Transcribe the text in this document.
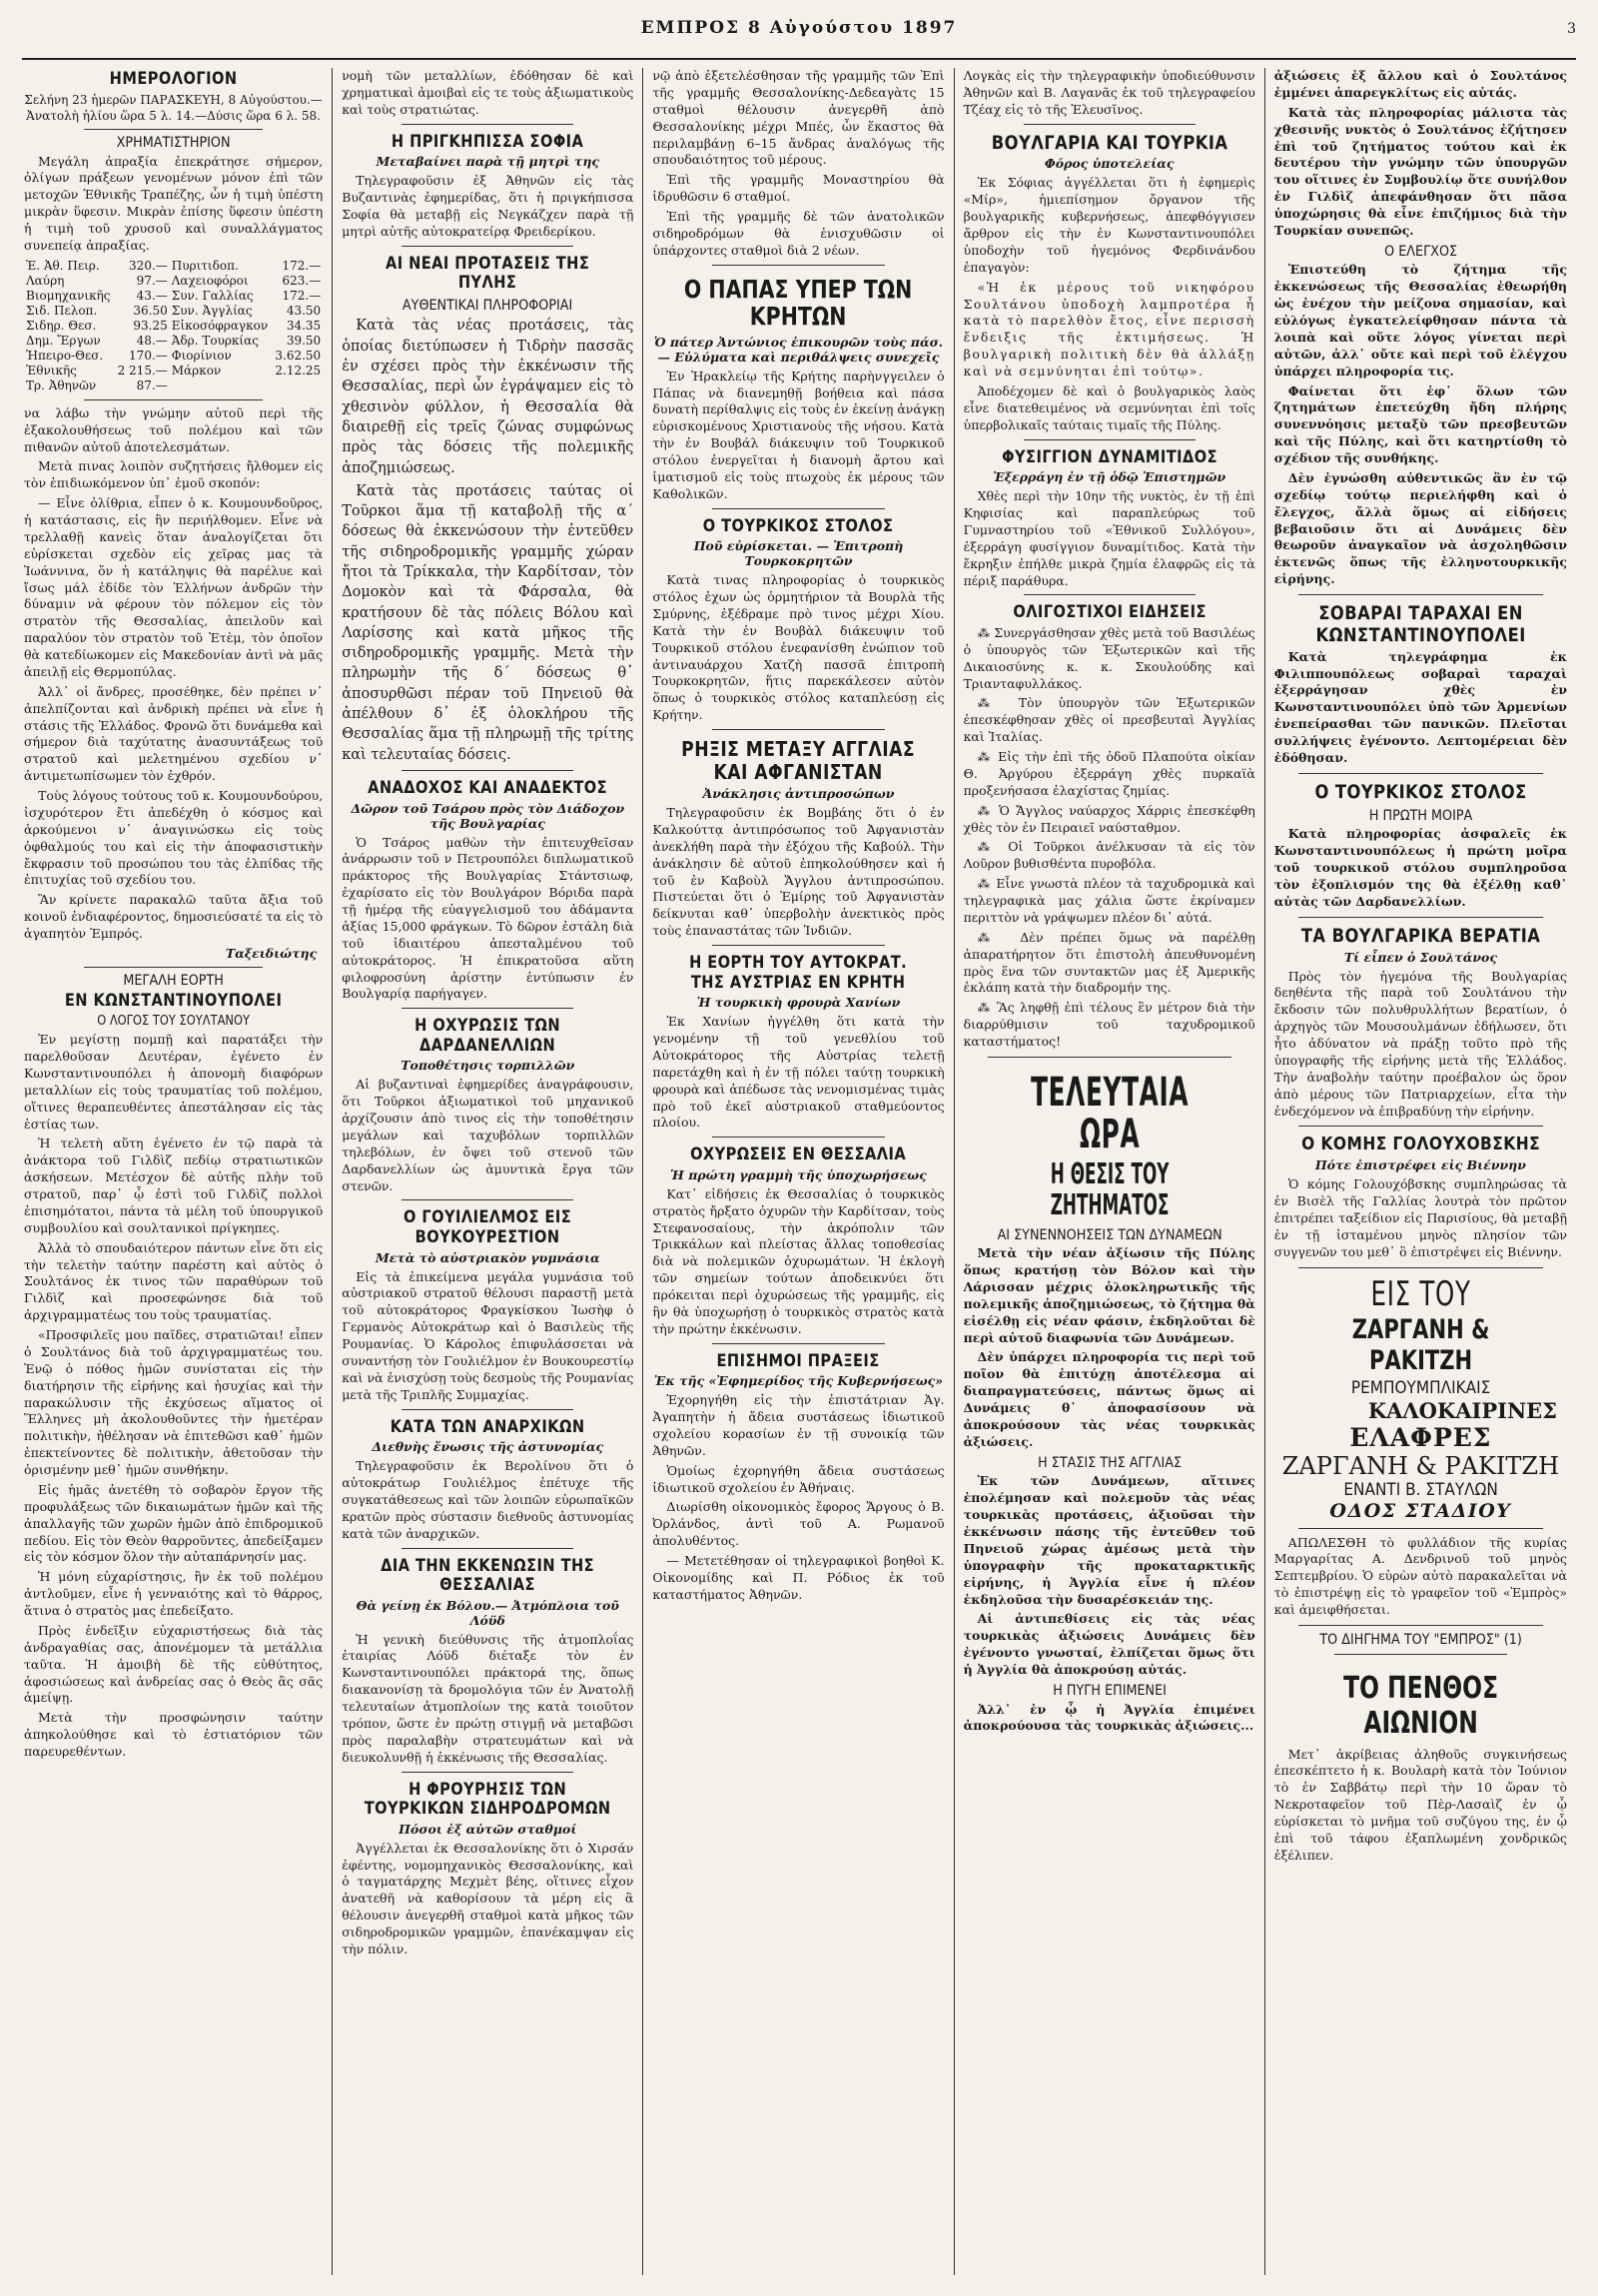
ΕΜΠΡΟΣ 8 Αὐγούστου 1897	3
ΗΜΕΡΟΛΟΓΙΟΝ
Σελήνη 23 ἡμερῶν ΠΑΡΑΣΚΕΥΗ, 8 Αὐγούστου.—Ἀνατολὴ ἡλίου ὥρα 5 λ. 14.—Δύσις ὥρα 6 λ. 58.
ΧΡΗΜΑΤΙΣΤΗΡΙΟΝ

Μεγάλη ἀπραξία ἐπεκράτησε σήμερον, ὀλίγων πράξεων γενομένων μόνον ἐπὶ τῶν μετοχῶν Ἐθνικῆς Τραπέζης, ὧν ἡ τιμὴ ὑπέστη μικρὰν ὕφεσιν. Μικρὰν ἐπίσης ὕφεσιν ὑπέστη ἡ τιμὴ τοῦ χρυσοῦ καὶ συναλλάγματος συνεπείᾳ ἀπραξίας.

Ἐ. Ἀθ. Πειρ.	320.—	Πυριτιδοπ.	172.—
Λαύρη	97.—	Λαχειοφόροι	623.—
Βιομηχανικῆς	43.—	Συν. Γαλλίας	172.—
Σιδ. Πελοπ.	36.50	Συν. Ἀγγλίας	43.50
Σιδηρ. Θεσ.	93.25	Εἰκοσόφραγκον	34.35
Δημ. Ἔργων	48.—	Ἀδρ. Τουρκίας	39.50
Ἠπειρο-Θεσ.	170.—	Φιορίνιον	3.62.50
Ἐθνικῆς	2 215.—	Μάρκον	2.12.25
Τρ. Ἀθηνῶν	87.—		

να λάβω τὴν γνώμην αὐτοῦ περὶ τῆς ἐξακολουθήσεως τοῦ πολέμου καὶ τῶν πιθανῶν αὐτοῦ ἀποτελεσμάτων.

Μετὰ πινας λοιπὸν συζητήσεις ἤλθομεν εἰς τὸν ἐπιδιωκόμενον ὑπ᾽ ἐμοῦ σκοπόν:

— Εἶνε ὀλίθρια, εἶπεν ὁ κ. Κουμουνδοῦρος, ἡ κατάστασις, εἰς ἣν περιήλθομεν. Εἶνε νὰ τρελλαθῇ κανεὶς ὅταν ἀναλογίζεται ὅτι εὑρίσκεται σχεδὸν εἰς χεῖρας μας τὰ Ἰωάννινα, ὅν ἡ κατάληψις θὰ παρέλυε καὶ ἴσως μάλ ἐδίδε τὸν Ἐλλήνων ἀνδρῶν τὴν δύναμιν νὰ φέρουν τὸν πόλεμον εἰς τὸν στρατὸν τῆς Θεσσαλίας, ἀπειλοῦν καὶ παραλύον τὸν στρατὸν τοῦ Ἐτὲμ, τὸν ὁποῖον θὰ κατεδίωκομεν εἰς Μακεδονίαν ἀντὶ νὰ μᾶς ἀπειλῇ εἰς Θερμοπύλας.

Ἀλλ᾽ οἱ ἄνδρες, προσέθηκε, δὲν πρέπει ν᾽ ἀπελπίζονται καὶ ἀνδρικὴ πρέπει νὰ εἶνε ἡ στάσις τῆς Ἑλλάδος. Φρονῶ ὅτι δυνάμεθα καὶ σήμερον διὰ ταχύτατης ἀνασυντάξεως τοῦ στρατοῦ καὶ μελετημένου σχεδίου ν᾽ ἀντιμετωπίσωμεν τὸν ἐχθρόν.

Τοὺς λόγους τούτους τοῦ κ. Κουμουνδούρου, ἰσχυρότερον ἔτι ἀπεδέχθη ὁ κόσμος καὶ ἀρκούμενοι ν᾽ ἀναγινώσκω εἰς τοὺς ὀφθαλμούς του καὶ εἰς τὴν ἀποφασιστικὴν ἔκφρασιν τοῦ προσώπου του τὰς ἐλπίδας τῆς ἐπιτυχίας τοῦ σχεδίου του.

Ἂν κρίνετε παρακαλῶ ταῦτα ἄξια τοῦ κοινοῦ ἐνδιαφέροντος, δημοσιεύσατέ τα εἰς τὸ ἀγαπητὸν Ἐμπρός.

Ταξειδιώτης
ΜΕΓΑΛΗ ΕΟΡΤΗ
ΕΝ ΚΩΝΣΤΑΝΤΙΝΟΥΠΟΛΕΙ
Ο ΛΟΓΟΣ ΤΟΥ ΣΟΥΛΤΑΝΟΥ

Ἐν μεγίστῃ πομπῇ καὶ παρατάξει τὴν παρελθοῦσαν Δευτέραν, ἐγένετο ἐν Κωνσταντινουπόλει ἡ ἀπονομὴ διαφόρων μεταλλίων εἰς τοὺς τραυματίας τοῦ πολέμου, οἵτινες θεραπευθέντες ἀπεστάλησαν εἰς τὰς ἑστίας των.

Ἡ τελετὴ αὕτη ἐγένετο ἐν τῷ παρὰ τὰ ἀνάκτορα τοῦ Γιλδὶζ πεδίῳ στρατιωτικῶν ἀσκήσεων. Μετέσχον δὲ αὐτῆς πλὴν τοῦ στρατοῦ, παρ᾽ ᾧ ἐστὶ τοῦ Γιλδὶζ πολλοὶ ἐπισημότατοι, πάντα τὰ μέλη τοῦ ὑπουργικοῦ συμβουλίου καὶ σουλτανικοὶ πρίγκηπες.

Ἀλλὰ τὸ σπουδαιότερον πάντων εἶνε ὅτι εἰς τὴν τελετὴν ταύτην παρέστη καὶ αὐτὸς ὁ Σουλτάνος ἐκ τινος τῶν παραθύρων τοῦ Γιλδὶζ καὶ προσεφώνησε διὰ τοῦ ἀρχιγραμματέως του τοὺς τραυματίας.

«Προσφιλεῖς μου παῖδες, στρατιῶται! εἶπεν ὁ Σουλτάνος διὰ τοῦ ἀρχιγραμματέως του. Ἐνῷ ὁ πόθος ἡμῶν συνίσταται εἰς τὴν διατήρησιν τῆς εἰρήνης καὶ ἡσυχίας καὶ τὴν παρακώλυσιν τῆς ἐκχύσεως αἵματος οἱ Ἕλληνες μὴ ἀκολουθοῦντες τὴν ἡμετέραν πολιτικὴν, ἠθέλησαν νὰ ἐπιτεθῶσι καθ᾽ ἡμῶν ἐπεκτείνοντες δὲ πολιτικὴν, ἀθετοῦσαν τὴν ὀρισμένην μεθ᾽ ἡμῶν συνθήκην.

Εἰς ἡμᾶς ἀνετέθη τὸ σοβαρὸν ἔργον τῆς προφυλάξεως τῶν δικαιωμάτων ἡμῶν καὶ τῆς ἀπαλλαγῆς τῶν χωρῶν ἡμῶν ἀπὸ ἐπιδρομικοῦ πεδίου. Εἰς τὸν Θεὸν θαρροῦντες, ἀπεδείξαμεν εἰς τὸν κόσμον ὅλον τὴν αὐταπάρνησίν μας.

Ἡ μόνη εὐχαρίστησις, ἣν ἐκ τοῦ πολέμου ἀντλοῦμεν, εἶνε ἡ γενναιότης καὶ τὸ θάρρος, ἅτινα ὁ στρατὸς μας ἐπεδείξατο.

Πρὸς ἐνδεῖξιν εὐχαριστήσεως διὰ τὰς ἀνδραγαθίας σας, ἀπονέμομεν τὰ μετάλλια ταῦτα. Ἡ ἀμοιβὴ δὲ τῆς εὐθύτητος, ἀφοσιώσεως καὶ ἀνδρείας σας ὁ Θεὸς ἂς σᾶς ἀμείψῃ.

Μετὰ τὴν προσφώνησιν ταύτην ἀπηκολούθησε καὶ τὸ ἑστιατόριον τῶν παρευρεθέντων.

νομὴ τῶν μεταλλίων, ἐδόθησαν δὲ καὶ χρηματικαὶ ἀμοιβαὶ εἰς τε τοὺς ἀξιωματικοὺς καὶ τοὺς στρατιώτας.

Η ΠΡΙΓΚΗΠΙΣΣΑ ΣΟΦΙΑ
Μεταβαίνει παρὰ τῇ μητρὶ της

Τηλεγραφοῦσιν ἐξ Ἀθηνῶν εἰς τὰς Βυζαντινὰς ἐφημερίδας, ὅτι ἡ πριγκήπισσα Σοφία θὰ μεταβῇ εἰς Νεγκάζχεν παρὰ τῇ μητρὶ αὐτῆς αὐτοκρατείρᾳ Φρειδερίκου.

ΑΙ ΝΕΑΙ ΠΡΟΤΑΣΕΙΣ ΤΗΣ ΠΥΛΗΣ
ΑΥΘΕΝΤΙΚΑΙ ΠΛΗΡΟΦΟΡΙΑΙ

Κατὰ τὰς νέας προτάσεις, τὰς ὁποίας διετύπωσεν ἡ Τιδρὴν πασσᾶς ἐν σχέσει πρὸς τὴν ἐκκένωσιν τῆς Θεσσαλίας, περὶ ὧν ἐγράψαμεν εἰς τὸ χθεσινὸν φύλλον, ἡ Θεσσαλία θὰ διαιρεθῇ εἰς τρεῖς ζώνας συμφώνως πρὸς τὰς δόσεις τῆς πολεμικῆς ἀποζημιώσεως.

Κατὰ τὰς προτάσεις ταύτας οἱ Τοῦρκοι ἅμα τῇ καταβολῇ τῆς α΄ δόσεως θὰ ἐκκενώσουν τὴν ἐντεῦθεν τῆς σιδηροδρομικῆς γραμμῆς χώραν ἤτοι τὰ Τρίκκαλα, τὴν Καρδίτσαν, τὸν Δομοκὸν καὶ τὰ Φάρσαλα, θὰ κρατήσουν δὲ τὰς πόλεις Βόλου καὶ Λαρίσσης καὶ κατὰ μῆκος τῆς σιδηροδρομικῆς γραμμῆς. Μετὰ τὴν πληρωμὴν τῆς δ΄ δόσεως θ᾽ ἀποσυρθῶσι πέραν τοῦ Πηνειοῦ θὰ ἀπέλθουν δ᾽ ἐξ ὁλοκλήρου τῆς Θεσσαλίας ἅμα τῇ πληρωμῇ τῆς τρίτης καὶ τελευταίας δόσεις.

ΑΝΑΔΟΧΟΣ ΚΑΙ ΑΝΑΔΕΚΤΟΣ
Δῶρον τοῦ Τσάρου πρὸς τὸν Διάδοχον τῆς Βουλγαρίας

Ὁ Τσάρος μαθὼν τὴν ἐπιτευχθεῖσαν ἀνάρρωσιν τοῦ ν Πετρουπόλει διπλωματικοῦ πράκτορος τῆς Βουλγαρίας Στάντσιωφ, ἐχαρίσατο εἰς τὸν Βουλγάρον Βόριδα παρὰ τῇ ἡμέρᾳ τῆς εὐαγγελισμοῦ του ἀδάμαντα ἀξίας 15,000 φράγκων. Τὸ δῶρον ἐστάλη διὰ τοῦ ἰδιαιτέρου ἀπεσταλμένου τοῦ αὐτοκράτορος. Ἡ ἐπικρατοῦσα αὕτη φιλοφροσύνη ἀρίστην ἐντύπωσιν ἐν Βουλγαρίᾳ παρήγαγεν.

Η ΟΧΥΡΩΣΙΣ ΤΩΝ ΔΑΡΔΑΝΕΛΛΙΩΝ
Τοποθέτησις τορπιλλῶν

Αἱ βυζαντιναὶ ἐφημερίδες ἀναγράφουσιν, ὅτι Τοῦρκοι ἀξιωματικοὶ τοῦ μηχανικοῦ ἀρχίζουσιν ἀπὸ τινος εἰς τὴν τοποθέτησιν μεγάλων καὶ ταχυβόλων τορπιλλῶν τηλεβόλων, ἐν ὄψει τοῦ στενοῦ τῶν Δαρδανελλίων ὡς ἀμυντικὰ ἔργα τῶν στενῶν.

Ο ΓΟΥΙΛΙΕΛΜΟΣ ΕΙΣ ΒΟΥΚΟΥΡΕΣΤΙΟΝ
Μετὰ τὸ αὐστριακὸν γυμνάσια

Εἰς τὰ ἐπικείμενα μεγάλα γυμνάσια τοῦ αὐστριακοῦ στρατοῦ θέλουσι παραστῇ μετὰ τοῦ αὐτοκράτορος Φραγκίσκου Ἰωσὴφ ὁ Γερμανὸς Αὐτοκράτωρ καὶ ὁ Βασιλεὺς τῆς Ρουμανίας. Ὁ Κάρολος ἐπιφυλάσσεται νὰ συναντήσῃ τὸν Γουλιέλμον ἐν Βουκουρεστίῳ καὶ νὰ ἐνισχύσῃ τοὺς δεσμοὺς τῆς Ρουμανίας μετὰ τῆς Τριπλῆς Συμμαχίας.

ΚΑΤΑ ΤΩΝ ΑΝΑΡΧΙΚΩΝ
Διεθνὴς ἔνωσις τῆς ἀστυνομίας

Τηλεγραφοῦσιν ἐκ Βερολίνου ὅτι ὁ αὐτοκράτωρ Γουλιέλμος ἐπέτυχε τῆς συγκατάθεσεως καὶ τῶν λοιπῶν εὐρωπαϊκῶν κρατῶν πρὸς σύστασιν διεθνοῦς ἀστυνομίας κατὰ τῶν ἀναρχικῶν.

ΔΙΑ ΤΗΝ ΕΚΚΕΝΩΣΙΝ ΤΗΣ ΘΕΣΣΑΛΙΑΣ
Θὰ γείνῃ ἐκ Βόλου.— Ἀτμόπλοια τοῦ Λόϋδ

Ἡ γενικὴ διεύθυνσις τῆς ἀτμοπλοΐας ἑταιρίας Λόϋδ διέταξε τὸν ἐν Κωνσταντινουπόλει πράκτορά της, ὅπως διακανονίσῃ τὰ δρομολόγια τῶν ἐν Ἀνατολῇ τελευταίων ἀτμοπλοίων της κατὰ τοιοῦτον τρόπον, ὥστε ἐν πρώτῃ στιγμῇ νὰ μεταβῶσι πρὸς παραλαβὴν στρατευμάτων καὶ νὰ διευκολυνθῇ ἡ ἐκκένωσις τῆς Θεσσαλίας.

Η ΦΡΟΥΡΗΣΙΣ ΤΩΝ ΤΟΥΡΚΙΚΩΝ ΣΙΔΗΡΟΔΡΟΜΩΝ
Πόσοι ἐξ αὐτῶν σταθμοί

Ἀγγέλλεται ἐκ Θεσσαλονίκης ὅτι ὁ Χιρσάν ἐφέντης, νομομηχανικὸς Θεσσαλονίκης, καὶ ὁ ταγματάρχης Μεχμὲτ βέης, οἵτινες εἶχον ἀνατεθῆ νὰ καθορίσουν τὰ μέρη εἰς ἃ θέλουσιν ἀνεγερθῆ σταθμοὶ κατὰ μῆκος τῶν σιδηροδρομικῶν γραμμῶν, ἐπανέκαμψαν εἰς τὴν πόλιν.

νῷ ἀπὸ ἐξετελέσθησαν τῆς γραμμῆς τῶν Ἐπὶ τῆς γραμμῆς Θεσσαλονίκης-Δεδεαγὰτς 15 σταθμοὶ θέλουσιν ἀνεγερθῆ ἀπὸ Θεσσαλονίκης μέχρι Μπές, ὧν ἕκαστος θὰ περιλαμβάνῃ 6–15 ἄνδρας ἀναλόγως τῆς σπουδαιότητος τοῦ μέρους.

Ἐπὶ τῆς γραμμῆς Μοναστηρίου θὰ ἱδρυθῶσιν 6 σταθμοί.

Ἐπὶ τῆς γραμμῆς δὲ τῶν ἀνατολικῶν σιδηροδρόμων θὰ ἐνισχυθῶσιν οἱ ὑπάρχοντες σταθμοὶ διὰ 2 νέων.

Ο ΠΑΠΑΣ ΥΠΕΡ ΤΩΝ ΚΡΗΤΩΝ
Ὁ πάτερ Ἀντώνιος ἐπικουρῶν τοὺς πάσ.— Εὐλύματα καὶ περιθάλψεις συνεχεῖς

Ἐν Ἡρακλείῳ τῆς Κρήτης παρὴνγγειλεν ὁ Πάπας νὰ διανεμηθῇ βοήθεια καὶ πάσα δυνατὴ περίθαλψις εἰς τοὺς ἐν ἐκείνῃ ἀνάγκῃ εὑρισκομένους Χριστιανοὺς τῆς νήσου. Κατὰ τὴν ἐν Βουβάλ διάκευψιν τοῦ Τουρκικοῦ στόλου ἐνεργεῖται ἡ διανομὴ ἄρτου καὶ ἱματισμοῦ εἰς τοὺς πτωχοὺς ἐκ μέρους τῶν Καθολικῶν.

Ο ΤΟΥΡΚΙΚΟΣ ΣΤΟΛΟΣ
Ποῦ εὑρίσκεται. — Ἐπιτροπὴ Τουρκοκρητῶν

Κατὰ τινας πληροφορίας ὁ τουρκικὸς στόλος ἐχων ὡς ὁρμητήριον τὰ Βουρλὰ τῆς Σμύρνης, ἐξέδραμε πρὸ τινος μέχρι Χίου. Κατὰ τὴν ἐν Βουβὰλ διάκευψιν τοῦ Τουρκικοῦ στόλου ἐνεφανίσθη ἐνώπιον τοῦ ἀντιναυάρχου Χατζὴ πασσᾶ ἐπιτροπὴ Τουρκοκρητῶν, ἥτις παρεκάλεσεν αὐτὸν ὅπως ὁ τουρκικὸς στόλος καταπλεύσῃ εἰς Κρήτην.

ΡΗΞΙΣ ΜΕΤΑΞΥ ΑΓΓΛΙΑΣ ΚΑΙ ΑΦΓΑΝΙΣΤΑΝ
Ἀνάκλησις ἀντιπροσώπων

Τηλεγραφοῦσιν ἐκ Βομβάης ὅτι ὁ ἐν Καλκούττᾳ ἀντιπρόσωπος τοῦ Ἀφγανιστὰν ἀνεκλήθη παρὰ τὴν ἐξόχου τῆς Καβούλ. Τὴν ἀνάκλησιν δὲ αὐτοῦ ἐπηκολούθησεν καὶ ἡ τοῦ ἐν Καβοὺλ Ἄγγλου ἀντιπροσώπου. Πιστεύεται ὅτι ὁ Ἐμίρης τοῦ Ἀφγανιστὰν δείκνυται καθ᾽ ὑπερβολὴν ἀνεκτικὸς πρὸς τοὺς ἐπαναστάτας τῶν Ἰνδιῶν.

Η ΕΟΡΤΗ ΤΟΥ ΑΥΤΟΚΡΑΤ. ΤΗΣ ΑΥΣΤΡΙΑΣ ΕΝ ΚΡΗΤΗ
Ἡ τουρκικὴ φρουρὰ Χανίων

Ἐκ Χανίων ἠγγέλθη ὅτι κατὰ τὴν γενομένην τῇ τοῦ γενεθλίου τοῦ Αὐτοκράτορος τῆς Αὐστρίας τελετῇ παρετάχθη καὶ ἡ ἐν τῇ πόλει ταύτῃ τουρκικὴ φρουρὰ καὶ ἀπέδωσε τὰς νενομισμένας τιμὰς πρὸ τοῦ ἐκεῖ αὐστριακοῦ σταθμεύοντος πλοίου.

ΟΧΥΡΩΣΕΙΣ ΕΝ ΘΕΣΣΑΛΙΑ
Ἡ πρώτη γραμμὴ τῆς ὑποχωρήσεως

Κατ᾽ εἰδήσεις ἐκ Θεσσαλίας ὁ τουρκικὸς στρατὸς ἤρξατο ὀχυρῶν τὴν Καρδίτσαν, τοὺς Στεφανοσαίους, τὴν ἀκρόπολιν τῶν Τρικκάλων καὶ πλείστας ἄλλας τοποθεσίας διὰ νὰ πολεμικῶν ὀχυρωμάτων. Ἡ ἐκλογὴ τῶν σημείων τούτων ἀποδεικνύει ὅτι πρόκειται περὶ ὀχυρώσεως τῆς γραμμῆς, εἰς ἣν θὰ ὑποχωρήσῃ ὁ τουρκικὸς στρατὸς κατὰ τὴν πρώτην ἐκκένωσιν.

ΕΠΙΣΗΜΟΙ ΠΡΑΞΕΙΣ
Ἐκ τῆς «Ἐφημερίδος τῆς Κυβερνήσεως»

Ἐχορηγήθη εἰς τὴν ἐπιστάτριαν Ἀγ. Ἀγαπητὴν ἡ ἄδεια συστάσεως ἰδιωτικοῦ σχολείου κορασίων ἐν τῇ συνοικίᾳ τῶν Ἀθηνῶν.

Ὁμοίως ἐχορηγήθη ἄδεια συστάσεως ἰδιωτικοῦ σχολείου ἐν Ἀθήναις.

Διωρίσθη οἰκονομικὸς ἔφορος Ἄργους ὁ Β. Ὀρλάνδος, ἀντὶ τοῦ Α. Ρωμανοῦ ἀπολυθέντος.

— Μετετέθησαν οἱ τηλεγραφικοὶ βοηθοὶ Κ. Οἰκονομίδης καὶ Π. Ρόδιος ἐκ τοῦ καταστήματος Ἀθηνῶν.

Λογκὰς εἰς τὴν τηλεγραφικὴν ὑποδιεύθυνσιν Ἀθηνῶν καὶ Β. Λαγανᾶς ἐκ τοῦ τηλεγραφείου Τζέαχ εἰς τὸ τῆς Ἐλευσῖνος.

ΒΟΥΛΓΑΡΙΑ ΚΑΙ ΤΟΥΡΚΙΑ
Φόρος ὑποτελείας

Ἐκ Σόφιας ἀγγέλλεται ὅτι ἡ ἐφημερὶς «Μίρ», ἡμιεπίσημον ὄργανον τῆς βουλγαρικῆς κυβερνήσεως, ἀπεφθόγγισεν ἄρθρον εἰς τὴν ἐν Κωνσταντινουπόλει ὑποδοχὴν τοῦ ἡγεμόνος Φερδινάνδου ἐπαγαγὸν:

«Ἡ ἐκ μέρους τοῦ νικηφόρου Σουλτάνου ὑποδοχὴ λαμπροτέρα ἦ κατὰ τὸ παρελθὸν ἔτος, εἶνε περισσὴ ἔνδειξις τῆς ἐκτιμήσεως. Ἡ βουλγαρικὴ πολιτικὴ δὲν θὰ ἀλλάξῃ καὶ νὰ σεμνύνηται ἐπὶ τούτῳ».

Ἀποδέχομεν δὲ καὶ ὁ βουλγαρικὸς λαὸς εἶνε διατεθειμένος νὰ σεμνύνηται ἐπὶ τοῖς ὑπερβολικαῖς ταύταις τιμαῖς τῆς Πύλης.

ΦΥΣΙΓΓΙΟΝ ΔΥΝΑΜΙΤΙΔΟΣ
Ἐξερράγη ἐν τῇ ὁδῷ Ἐπιστημῶν

Χθὲς περὶ τὴν 10ην τῆς νυκτὸς, ἐν τῇ ἐπὶ Κηφισίας καὶ παραπλεύρως τοῦ Γυμναστηρίου τοῦ «Ἐθνικοῦ Συλλόγου», ἐξερράγη φυσίγγιον δυναμίτιδος. Κατὰ τὴν ἔκρηξιν ἐπήλθε μικρὰ ζημία ἐλαφρῶς εἰς τὰ πέριξ παράθυρα.

ΟΛΙΓΟΣΤΙΧΟΙ ΕΙΔΗΣΕΙΣ

⁂ Συνεργάσθησαν χθὲς μετὰ τοῦ Βασιλέως ὁ ὑπουργὸς τῶν Ἐξωτερικῶν καὶ τῆς Δικαιοσύνης κ. κ. Σκουλούδης καὶ Τριανταφυλλάκος.

⁂ Τὸν ὑπουργὸν τῶν Ἐξωτερικῶν ἐπεσκέφθησαν χθὲς οἱ πρεσβευταὶ Ἀγγλίας καὶ Ἰταλίας.

⁂ Εἰς τὴν ἐπὶ τῆς ὁδοῦ Πλαπούτα οἰκίαν Θ. Ἀργύρου ἐξερράγη χθὲς πυρκαϊὰ προξενήσασα ἐλαχίστας ζημίας.

⁂ Ὁ Ἄγγλος ναύαρχος Χάρρις ἐπεσκέφθη χθὲς τὸν ἐν Πειραιεῖ ναύσταθμον.

⁂ Οἱ Τοῦρκοι ἀνέλκυσαν τὰ εἰς τὸν Λοῦρον βυθισθέντα πυροβόλα.

⁂ Εἶνε γνωστὰ πλέον τὰ ταχυδρομικὰ καὶ τηλεγραφικὰ μας χάλια ὥστε ἐκρίναμεν περιττὸν νὰ γράψωμεν πλέον δι᾽ αὐτά.

⁂ Δὲν πρέπει ὅμως νὰ παρέλθῃ ἀπαρατήρητον ὅτι ἐπιστολὴ ἀπευθυνομένη πρὸς ἕνα τῶν συντακτῶν μας ἐξ Ἀμερικῆς ἐκλάπη κατὰ τὴν διαδρομήν της.

⁂ Ἂς ληφθῇ ἐπὶ τέλους ἓν μέτρον διὰ τὴν διαρρύθμισιν τοῦ ταχυδρομικοῦ καταστήματος!

ΤΕΛΕΥΤΑΙΑ ΩΡΑ
Η ΘΕΣΙΣ ΤΟΥ ΖΗΤΗΜΑΤΟΣ
ΑΙ ΣΥΝΕΝΝΟΗΣΕΙΣ ΤΩΝ ΔΥΝΑΜΕΩΝ

Μετὰ τὴν νέαν ἀξίωσιν τῆς Πύλης ὅπως κρατήσῃ τὸν Βόλον καὶ τὴν Λάρισσαν μέχρις ὁλοκληρωτικῆς τῆς πολεμικῆς ἀποζημιώσεως, τὸ ζήτημα θὰ εἰσέλθῃ εἰς νέαν φάσιν, ἐκδηλοῦται δὲ περὶ αὐτοῦ διαφωνία τῶν Δυνάμεων.

Δὲν ὑπάρχει πληροφορία τις περὶ τοῦ ποῖον θὰ ἐπιτύχῃ ἀποτέλεσμα αἱ διαπραγματεύσεις, πάντως ὅμως αἱ Δυνάμεις θ᾽ ἀποφασίσουν νὰ ἀποκρούσουν τὰς νέας τουρκικὰς ἀξιώσεις.

Η ΣΤΑΣΙΣ ΤΗΣ ΑΓΓΛΙΑΣ

Ἐκ τῶν Δυνάμεων, αἵτινες ἐπολέμησαν καὶ πολεμοῦν τὰς νέας τουρκικὰς προτάσεις, ἀξιοῦσαι τὴν ἐκκένωσιν πάσης τῆς ἐντεῦθεν τοῦ Πηνειοῦ χώρας ἀμέσως μετὰ τὴν ὑπογραφὴν τῆς προκαταρκτικῆς εἰρήνης, ἡ Ἀγγλία εἶνε ἡ πλέον ἐκδηλοῦσα τὴν δυσαρέσκειάν της.

Αἱ ἀντιπεθίσεις εἰς τὰς νέας τουρκικὰς ἀξιώσεις Δυνάμεις δὲν ἐγένοντο γνωσταί, ἐλπίζεται ὅμως ὅτι ἡ Ἀγγλία θὰ ἀποκρούσῃ αὐτάς.

Η ΠΥΓΗ ΕΠΙΜΕΝΕΙ

Ἀλλ᾽ ἐν ᾧ ἡ Ἀγγλία ἐπιμένει ἀποκρούουσα τὰς τουρκικὰς ἀξιώσεις...

ἀξιώσεις ἐξ ἄλλου καὶ ὁ Σουλτάνος ἐμμένει ἀπαρεγκλίτως εἰς αὐτάς.

Κατὰ τὰς πληροφορίας μάλιστα τὰς χθεσινῆς νυκτὸς ὁ Σουλτάνος ἐζήτησεν ἐπὶ τοῦ ζητήματος τούτου καὶ ἐκ δευτέρου τὴν γνώμην τῶν ὑπουργῶν του οἵτινες ἐν Συμβουλίῳ ὅτε συνήλθον ἐν Γιλδὶζ ἀπεφάνθησαν ὅτι πᾶσα ὑποχώρησις θὰ εἶνε ἐπιζήμιος διὰ τὴν Τουρκίαν συνεπῶς.

Ο ΕΛΕΓΧΟΣ

Ἐπιστεύθη τὸ ζήτημα τῆς ἐκκενώσεως τῆς Θεσσαλίας ἐθεωρήθη ὡς ἐνέχον τὴν μείζονα σημασίαν, καὶ εὐλόγως ἐγκατελείφθησαν πάντα τὰ λοιπὰ καὶ οὕτε λόγος γίνεται περὶ αὐτῶν, ἀλλ᾽ οὔτε καὶ περὶ τοῦ ἐλέγχου ὑπάρχει πληροφορία τις.

Φαίνεται ὅτι ἐφ᾽ ὅλων τῶν ζητημάτων ἐπετεύχθη ἤδη πλήρης συνεννόησις μεταξὺ τῶν πρεσβευτῶν καὶ τῆς Πύλης, καὶ ὅτι κατηρτίσθη τὸ σχέδιον τῆς συνθήκης.

Δὲν ἐγνώσθη αὐθεντικῶς ἂν ἐν τῷ σχεδίῳ τούτῳ περιελήφθη καὶ ὁ ἔλεγχος, ἄλλὰ ὅμως αἱ εἰδήσεις βεβαιοῦσιν ὅτι αἱ Δυνάμεις δὲν θεωροῦν ἀναγκαῖον νὰ ἀσχοληθῶσιν ἐκτενῶς ὅπως τῆς ἐλληνοτουρκικῆς εἰρήνης.

ΣΟΒΑΡΑΙ ΤΑΡΑΧΑΙ ΕΝ ΚΩΝΣΤΑΝΤΙΝΟΥΠΟΛΕΙ

Κατὰ τηλεγράφημα ἐκ Φιλιππουπόλεως σοβαραὶ ταραχαὶ ἐξερράγησαν χθὲς ἐν Κωνσταντινουπόλει ὑπὸ τῶν Ἀρμενίων ἐνεπείρασθαι τῶν πανικῶν. Πλεῖσται συλλήψεις ἐγένοντο. Λεπτομέρειαι δὲν ἐδόθησαν.

Ο ΤΟΥΡΚΙΚΟΣ ΣΤΟΛΟΣ
Η ΠΡΩΤΗ ΜΟΙΡΑ

Κατὰ πληροφορίας ἀσφαλεῖς ἐκ Κωνσταντινουπόλεως ἡ πρώτη μοῖρα τοῦ τουρκικοῦ στόλου συμπληροῦσα τὸν ἐξοπλισμόν της θὰ ἐξέλθῃ καθ᾽ αὐτὰς τῶν Δαρδανελλίων.

ΤΑ ΒΟΥΛΓΑΡΙΚΑ ΒΕΡΑΤΙΑ
Τί εἶπεν ὁ Σουλτάνος

Πρὸς τὸν ἡγεμόνα τῆς Βουλγαρίας δεηθέντα τῆς παρὰ τοῦ Σουλτάνου τὴν ἔκδοσιν τῶν πολυθρυλλήτων βερατίων, ὁ ἀρχηγὸς τῶν Μουσουλμάνων ἐδήλωσεν, ὅτι ἦτο ἀδύνατον νὰ πράξῃ τοῦτο πρὸ τῆς ὑπογραφῆς τῆς εἰρήνης μετὰ τῆς Ἑλλάδος. Τὴν ἀναβολὴν ταύτην προέβαλον ὡς ὅρον ἀπὸ μέρους τῶν Πατριαρχείων, εἶτα τὴν ἐνδεχόμενον νὰ ἐπιβραδύνῃ τὴν εἰρήνην.

Ο ΚΟΜΗΣ ΓΟΛΟΥΧΟΒΣΚΗΣ
Πότε ἐπιστρέφει εἰς Βιέννην

Ὁ κόμης Γολουχόβσκης συμπληρώσας τὰ ἐν Βισὲλ τῆς Γαλλίας λουτρὰ τὸν πρῶτον ἐπιτρέπει ταξείδιον εἰς Παρισίους, θὰ μεταβῇ ἐν τῇ ἰσταμένου μηνὸς πλησίον τῶν συγγενῶν του μεθ᾽ ὃ ἐπιστρέψει εἰς Βιέννην.

ΕΙΣ ΤΟΥ
ΖΑΡΓΑΝΗ & ΡΑΚΙΤΖΗ
ΡΕΜΠΟΥΜΠΛΙΚΑΙΣ
ΚΑΛΟΚΑΙΡΙΝΕΣ
ΕΛΑΦΡΕΣ
ΖΑΡΓΑΝΗ & ΡΑΚΙΤΖΗ
ΕΝΑΝΤΙ Β. ΣΤΑΥΛΩΝ
ΟΔΟΣ ΣΤΑΔΙΟΥ

ΑΠΩΛΕΣΘΗ τὸ φυλλάδιον τῆς κυρίας Μαργαρίτας Α. Δενδρινοῦ τοῦ μηνὸς Σεπτεμβρίου. Ὁ εὑρὼν αὐτὸ παρακαλεῖται νὰ τὸ ἐπιστρέψῃ εἰς τὸ γραφεῖον τοῦ «Ἐμπρὸς» καὶ ἀμειφθήσεται.

ΤΟ ΔΙΗΓΗΜΑ ΤΟΥ "ΕΜΠΡΟΣ" (1)
ΤΟ ΠΕΝΘΟΣ ΑΙΩΝΙΟΝ

Μετ᾽ ἀκρίβειας ἀληθοῦς συγκινήσεως ἐπεσκέπτετο ἡ κ. Βουλαρὴ κατὰ τὸν Ἰούνιον τὸ ἐν Σαββάτῳ περὶ τὴν 10 ὥραν τὸ Νεκροταφεῖον τοῦ Πὲρ-Λασαὶζ ἐν ᾧ εὑρίσκεται τὸ μνῆμα τοῦ συζύγου της, ἐν ᾧ ἐπὶ τοῦ τάφου ἐξαπλωμένη χονδρικῶς ἐξέλιπεν.
